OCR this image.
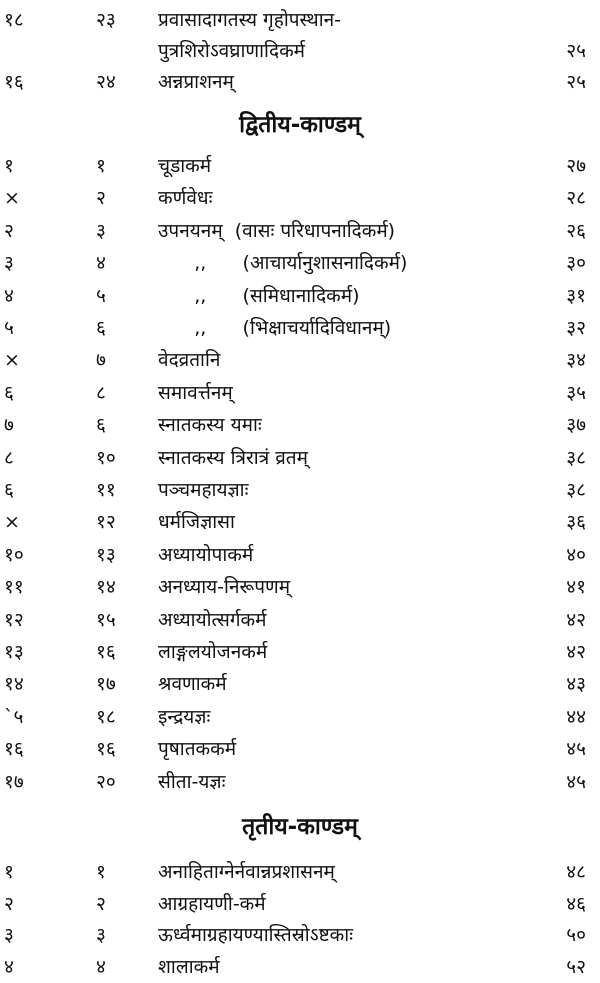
१८	२३ प्रवासादागतस्य गृहोपस्थान-
पुत्रशिरोऽवघ्राणादिकर्म	२५
१६	२४ अन्नप्राशनम्	२५
द्वितीय-काण्डम्
१	१	चूडाकर्म	२७
×	२	कर्णवेधः	२८
२	३	उपनयनम्  (वासः परिधापनादिकर्म)	२६
३	४	,,      (आचार्यानुशासनादिकर्म)	३०
४	५	,,      (समिधानादिकर्म)	३१
५	६	,,      (भिक्षाचर्यादिविधानम्)	३२
×	७	वेदव्रतानि	३४
६	८	समावर्त्तनम्	३५
७	६	स्नातकस्य यमाः	३७
८	१० स्नातकस्य त्रिरात्रं व्रतम्	३८
६	११ पञ्चमहायज्ञाः	३८
×	१२ धर्मजिज्ञासा	३६
१०	१३ अध्यायोपाकर्म	४०
११	१४ अनध्याय-निरूपणम्	४१
१२	१५ अध्यायोत्सर्गकर्म	४२
१३	१६ लाङ्गलयोजनकर्म	४२
१४	१७ श्रवणाकर्म	४३
`५	१८ इन्द्रयज्ञः	४४
१६	१६ पृषातककर्म	४५
१७	२० सीता-यज्ञः	४५
तृतीय-काण्डम्
१	१	अनाहिताग्नेर्नवान्नप्रशासनम्	४८
२	२	आग्रहायणी-कर्म	४६
३	३	ऊर्ध्वमाग्रहायण्यास्तिस्रोऽष्टकाः	५०
४	४	शालाकर्म	५२
